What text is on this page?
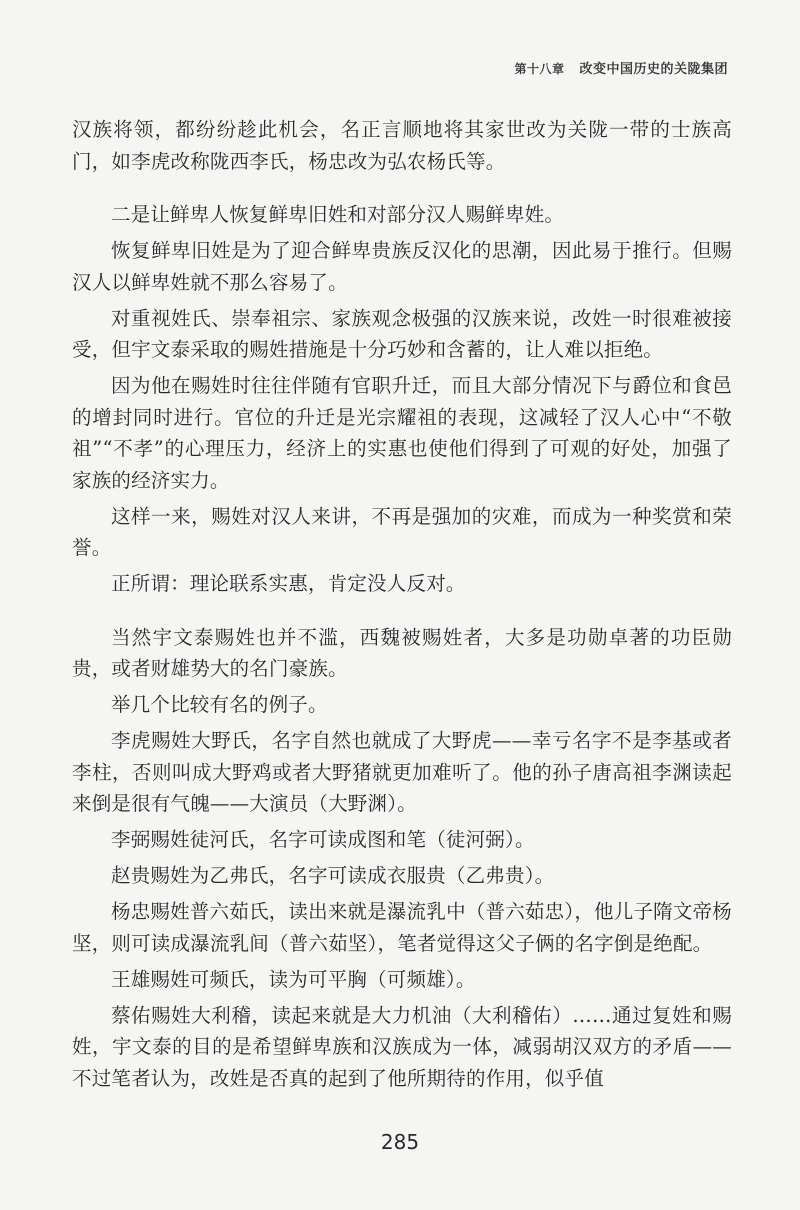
第十八章 改变中国历史的关陇集团

汉族将领，都纷纷趁此机会，名正言顺地将其家世改为关陇一带的士族高门，如李虎改称陇西李氏，杨忠改为弘农杨氏等。

二是让鲜卑人恢复鲜卑旧姓和对部分汉人赐鲜卑姓。

恢复鲜卑旧姓是为了迎合鲜卑贵族反汉化的思潮，因此易于推行。但赐汉人以鲜卑姓就不那么容易了。

对重视姓氏、崇奉祖宗、家族观念极强的汉族来说，改姓一时很难被接受，但宇文泰采取的赐姓措施是十分巧妙和含蓄的，让人难以拒绝。

因为他在赐姓时往往伴随有官职升迁，而且大部分情况下与爵位和食邑的增封同时进行。官位的升迁是光宗耀祖的表现，这减轻了汉人心中“不敬祖”“不孝”的心理压力，经济上的实惠也使他们得到了可观的好处，加强了家族的经济实力。

这样一来，赐姓对汉人来讲，不再是强加的灾难，而成为一种奖赏和荣誉。

正所谓：理论联系实惠，肯定没人反对。

当然宇文泰赐姓也并不滥，西魏被赐姓者，大多是功勋卓著的功臣勋贵，或者财雄势大的名门豪族。

举几个比较有名的例子。

李虎赐姓大野氏，名字自然也就成了大野虎——幸亏名字不是李基或者李柱，否则叫成大野鸡或者大野猪就更加难听了。他的孙子唐高祖李渊读起来倒是很有气魄——大演员（大野渊）。

李弼赐姓徒河氏，名字可读成图和笔（徒河弼）。

赵贵赐姓为乙弗氏，名字可读成衣服贵（乙弗贵）。

杨忠赐姓普六茹氏，读出来就是瀑流乳中（普六茹忠），他儿子隋文帝杨坚，则可读成瀑流乳间（普六茹坚），笔者觉得这父子俩的名字倒是绝配。

王雄赐姓可频氏，读为可平胸（可频雄）。

蔡佑赐姓大利稽，读起来就是大力机油（大利稽佑）……通过复姓和赐姓，宇文泰的目的是希望鲜卑族和汉族成为一体，减弱胡汉双方的矛盾——不过笔者认为，改姓是否真的起到了他所期待的作用，似乎值

285
